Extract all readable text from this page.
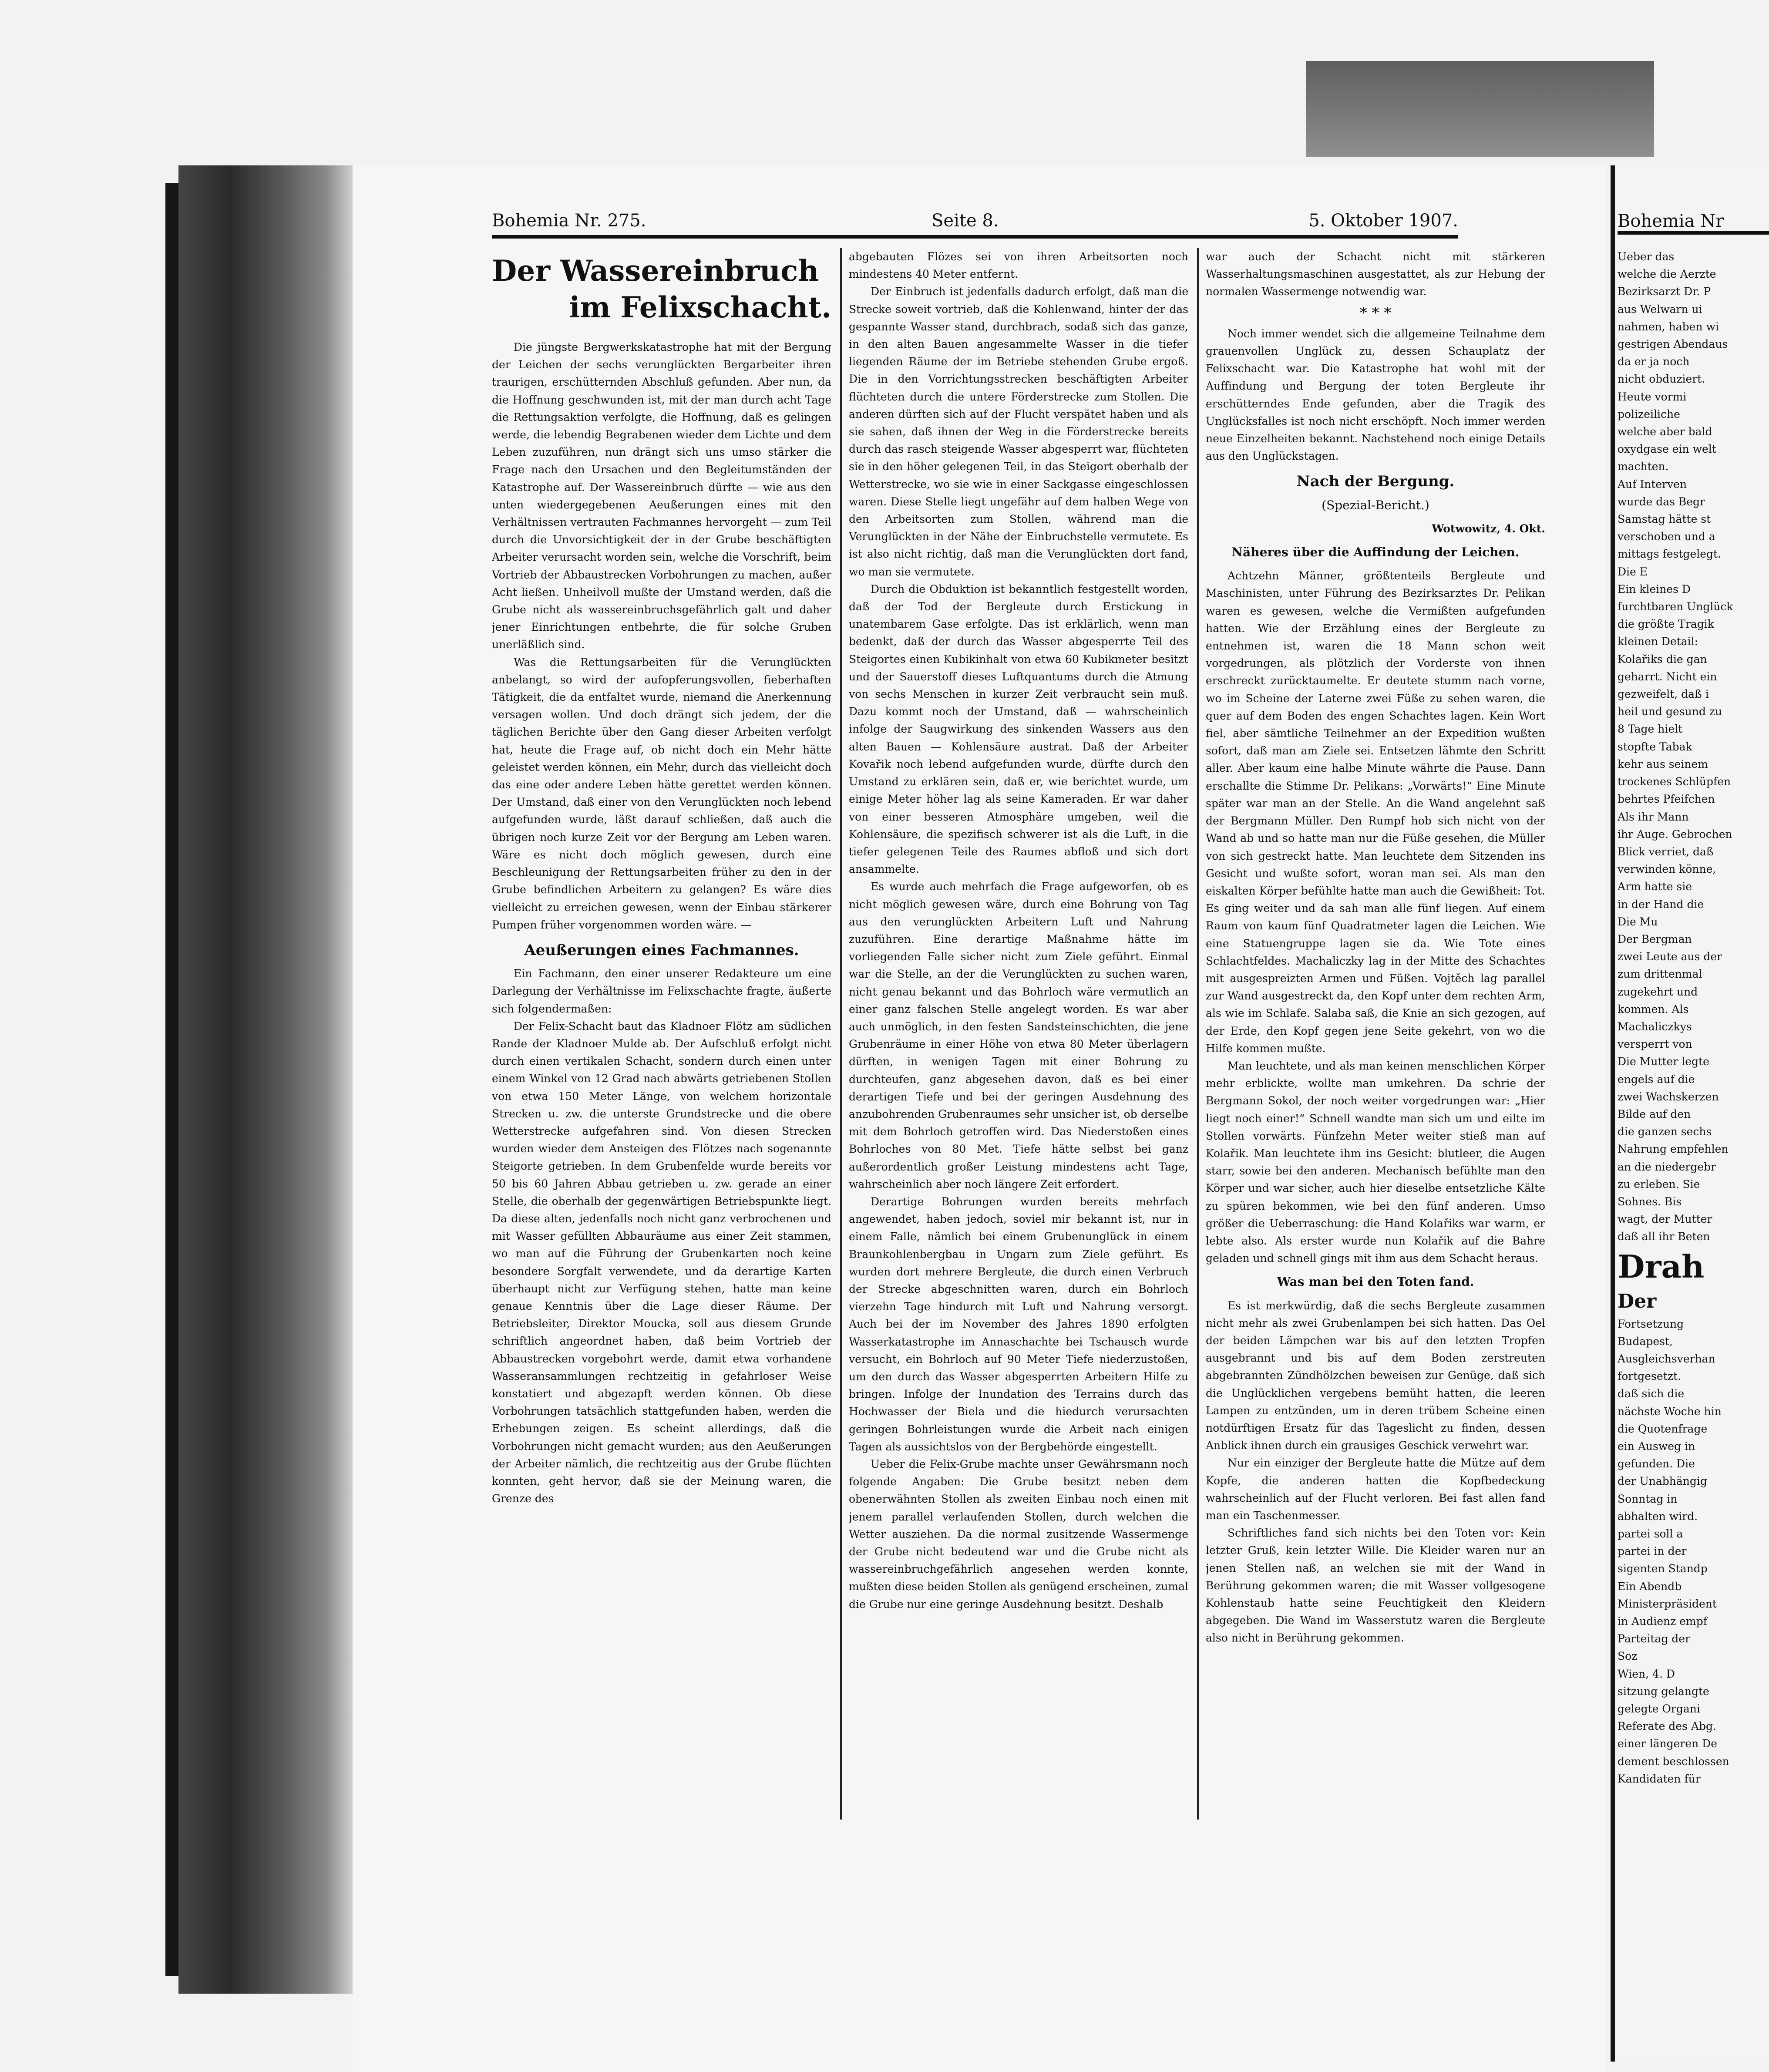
Bohemia Nr. 275.	Seite 8.	5. Oktober 1907.
Der Wassereinbruch
im Felixschacht.

Die jüngste Bergwerkskatastrophe hat mit der Bergung der Leichen der sechs verunglückten Bergarbeiter ihren traurigen, erschütternden Abschluß gefunden. Aber nun, da die Hoffnung geschwunden ist, mit der man durch acht Tage die Rettungsaktion verfolgte, die Hoffnung, daß es gelingen werde, die lebendig Begrabenen wieder dem Lichte und dem Leben zuzuführen, nun drängt sich uns umso stärker die Frage nach den Ursachen und den Begleitumständen der Katastrophe auf. Der Wassereinbruch dürfte — wie aus den unten wiedergegebenen Aeußerungen eines mit den Verhältnissen vertrauten Fachmannes hervorgeht — zum Teil durch die Unvorsichtigkeit der in der Grube beschäftigten Arbeiter verursacht worden sein, welche die Vorschrift, beim Vortrieb der Abbaustrecken Vorbohrungen zu machen, außer Acht ließen. Unheilvoll mußte der Umstand werden, daß die Grube nicht als wassereinbruchsgefährlich galt und daher jener Einrichtungen entbehrte, die für solche Gruben unerläßlich sind.

Was die Rettungsarbeiten für die Verunglückten anbelangt, so wird der aufopferungsvollen, fieberhaften Tätigkeit, die da entfaltet wurde, niemand die Anerkennung versagen wollen. Und doch drängt sich jedem, der die täglichen Berichte über den Gang dieser Arbeiten verfolgt hat, heute die Frage auf, ob nicht doch ein Mehr hätte geleistet werden können, ein Mehr, durch das vielleicht doch das eine oder andere Leben hätte gerettet werden können. Der Umstand, daß einer von den Verunglückten noch lebend aufgefunden wurde, läßt darauf schließen, daß auch die übrigen noch kurze Zeit vor der Bergung am Leben waren. Wäre es nicht doch möglich gewesen, durch eine Beschleunigung der Rettungsarbeiten früher zu den in der Grube befindlichen Arbeitern zu gelangen? Es wäre dies vielleicht zu erreichen gewesen, wenn der Einbau stärkerer Pumpen früher vorgenommen worden wäre. —

Aeußerungen eines Fachmannes.

Ein Fachmann, den einer unserer Redakteure um eine Darlegung der Verhältnisse im Felixschachte fragte, äußerte sich folgendermaßen:

Der Felix-Schacht baut das Kladnoer Flötz am südlichen Rande der Kladnoer Mulde ab. Der Aufschluß erfolgt nicht durch einen vertikalen Schacht, sondern durch einen unter einem Winkel von 12 Grad nach abwärts getriebenen Stollen von etwa 150 Meter Länge, von welchem horizontale Strecken u. zw. die unterste Grundstrecke und die obere Wetterstrecke aufgefahren sind. Von diesen Strecken wurden wieder dem Ansteigen des Flötzes nach sogenannte Steigorte getrieben. In dem Grubenfelde wurde bereits vor 50 bis 60 Jahren Abbau getrieben u. zw. gerade an einer Stelle, die oberhalb der gegenwärtigen Betriebspunkte liegt. Da diese alten, jedenfalls noch nicht ganz verbrochenen und mit Wasser gefüllten Abbauräume aus einer Zeit stammen, wo man auf die Führung der Grubenkarten noch keine besondere Sorgfalt verwendete, und da derartige Karten überhaupt nicht zur Verfügung stehen, hatte man keine genaue Kenntnis über die Lage dieser Räume. Der Betriebsleiter, Direktor Moucka, soll aus diesem Grunde schriftlich angeordnet haben, daß beim Vortrieb der Abbaustrecken vorgebohrt werde, damit etwa vorhandene Wasseransammlungen rechtzeitig in gefahrloser Weise konstatiert und abgezapft werden können. Ob diese Vorbohrungen tatsächlich stattgefunden haben, werden die Erhebungen zeigen. Es scheint allerdings, daß die Vorbohrungen nicht gemacht wurden; aus den Aeußerungen der Arbeiter nämlich, die rechtzeitig aus der Grube flüchten konnten, geht hervor, daß sie der Meinung waren, die Grenze des

abgebauten Flözes sei von ihren Arbeitsorten noch mindestens 40 Meter entfernt.

Der Einbruch ist jedenfalls dadurch erfolgt, daß man die Strecke soweit vortrieb, daß die Kohlenwand, hinter der das gespannte Wasser stand, durchbrach, sodaß sich das ganze, in den alten Bauen angesammelte Wasser in die tiefer liegenden Räume der im Betriebe stehenden Grube ergoß. Die in den Vorrichtungsstrecken beschäftigten Arbeiter flüchteten durch die untere Förderstrecke zum Stollen. Die anderen dürften sich auf der Flucht verspätet haben und als sie sahen, daß ihnen der Weg in die Förderstrecke bereits durch das rasch steigende Wasser abgesperrt war, flüchteten sie in den höher gelegenen Teil, in das Steigort oberhalb der Wetterstrecke, wo sie wie in einer Sackgasse eingeschlossen waren. Diese Stelle liegt ungefähr auf dem halben Wege von den Arbeitsorten zum Stollen, während man die Verunglückten in der Nähe der Einbruchstelle vermutete. Es ist also nicht richtig, daß man die Verunglückten dort fand, wo man sie vermutete.

Durch die Obduktion ist bekanntlich festgestellt worden, daß der Tod der Bergleute durch Erstickung in unatembarem Gase erfolgte. Das ist erklärlich, wenn man bedenkt, daß der durch das Wasser abgesperrte Teil des Steigortes einen Kubikinhalt von etwa 60 Kubikmeter besitzt und der Sauerstoff dieses Luftquantums durch die Atmung von sechs Menschen in kurzer Zeit verbraucht sein muß. Dazu kommt noch der Umstand, daß — wahrscheinlich infolge der Saugwirkung des sinkenden Wassers aus den alten Bauen — Kohlensäure austrat. Daß der Arbeiter Kovařik noch lebend aufgefunden wurde, dürfte durch den Umstand zu erklären sein, daß er, wie berichtet wurde, um einige Meter höher lag als seine Kameraden. Er war daher von einer besseren Atmosphäre umgeben, weil die Kohlensäure, die spezifisch schwerer ist als die Luft, in die tiefer gelegenen Teile des Raumes abfloß und sich dort ansammelte.

Es wurde auch mehrfach die Frage aufgeworfen, ob es nicht möglich gewesen wäre, durch eine Bohrung von Tag aus den verunglückten Arbeitern Luft und Nahrung zuzuführen. Eine derartige Maßnahme hätte im vorliegenden Falle sicher nicht zum Ziele geführt. Einmal war die Stelle, an der die Verunglückten zu suchen waren, nicht genau bekannt und das Bohrloch wäre vermutlich an einer ganz falschen Stelle angelegt worden. Es war aber auch unmöglich, in den festen Sandsteinschichten, die jene Grubenräume in einer Höhe von etwa 80 Meter überlagern dürften, in wenigen Tagen mit einer Bohrung zu durchteufen, ganz abgesehen davon, daß es bei einer derartigen Tiefe und bei der geringen Ausdehnung des anzubohrenden Grubenraumes sehr unsicher ist, ob derselbe mit dem Bohrloch getroffen wird. Das Niederstoßen eines Bohrloches von 80 Met. Tiefe hätte selbst bei ganz außerordentlich großer Leistung mindestens acht Tage, wahrscheinlich aber noch längere Zeit erfordert.

Derartige Bohrungen wurden bereits mehrfach angewendet, haben jedoch, soviel mir bekannt ist, nur in einem Falle, nämlich bei einem Grubenunglück in einem Braunkohlenbergbau in Ungarn zum Ziele geführt. Es wurden dort mehrere Bergleute, die durch einen Verbruch der Strecke abgeschnitten waren, durch ein Bohrloch vierzehn Tage hindurch mit Luft und Nahrung versorgt. Auch bei der im November des Jahres 1890 erfolgten Wasserkatastrophe im Annaschachte bei Tschausch wurde versucht, ein Bohrloch auf 90 Meter Tiefe niederzustoßen, um den durch das Wasser abgesperrten Arbeitern Hilfe zu bringen. Infolge der Inundation des Terrains durch das Hochwasser der Biela und die hiedurch verursachten geringen Bohrleistungen wurde die Arbeit nach einigen Tagen als aussichtslos von der Bergbehörde eingestellt.

Ueber die Felix-Grube machte unser Gewährsmann noch folgende Angaben: Die Grube besitzt neben dem obenerwähnten Stollen als zweiten Einbau noch einen mit jenem parallel verlaufenden Stollen, durch welchen die Wetter ausziehen. Da die normal zusitzende Wassermenge der Grube nicht bedeutend war und die Grube nicht als wassereinbruchgefährlich angesehen werden konnte, mußten diese beiden Stollen als genügend erscheinen, zumal die Grube nur eine geringe Ausdehnung besitzt. Deshalb

war auch der Schacht nicht mit stärkeren Wasserhaltungsmaschinen ausgestattet, als zur Hebung der normalen Wassermenge notwendig war.

* * *

Noch immer wendet sich die allgemeine Teilnahme dem grauenvollen Unglück zu, dessen Schauplatz der Felixschacht war. Die Katastrophe hat wohl mit der Auffindung und Bergung der toten Bergleute ihr erschütterndes Ende gefunden, aber die Tragik des Unglücksfalles ist noch nicht erschöpft. Noch immer werden neue Einzelheiten bekannt. Nachstehend noch einige Details aus den Unglückstagen.

Nach der Bergung.
(Spezial-Bericht.)
Wotwowitz, 4. Okt.
Näheres über die Auffindung der Leichen.

Achtzehn Männer, größtenteils Bergleute und Maschinisten, unter Führung des Bezirksarztes Dr. Pelikan waren es gewesen, welche die Vermißten aufgefunden hatten. Wie der Erzählung eines der Bergleute zu entnehmen ist, waren die 18 Mann schon weit vorgedrungen, als plötzlich der Vorderste von ihnen erschreckt zurücktaumelte. Er deutete stumm nach vorne, wo im Scheine der Laterne zwei Füße zu sehen waren, die quer auf dem Boden des engen Schachtes lagen. Kein Wort fiel, aber sämtliche Teilnehmer an der Expedition wußten sofort, daß man am Ziele sei. Entsetzen lähmte den Schritt aller. Aber kaum eine halbe Minute währte die Pause. Dann erschallte die Stimme Dr. Pelikans: „Vorwärts!“ Eine Minute später war man an der Stelle. An die Wand angelehnt saß der Bergmann Müller. Den Rumpf hob sich nicht von der Wand ab und so hatte man nur die Füße gesehen, die Müller von sich gestreckt hatte. Man leuchtete dem Sitzenden ins Gesicht und wußte sofort, woran man sei. Als man den eiskalten Körper befühlte hatte man auch die Gewißheit: Tot. Es ging weiter und da sah man alle fünf liegen. Auf einem Raum von kaum fünf Quadratmeter lagen die Leichen. Wie eine Statuengruppe lagen sie da. Wie Tote eines Schlachtfeldes. Machaliczky lag in der Mitte des Schachtes mit ausgespreizten Armen und Füßen. Vojtěch lag parallel zur Wand ausgestreckt da, den Kopf unter dem rechten Arm, als wie im Schlafe. Salaba saß, die Knie an sich gezogen, auf der Erde, den Kopf gegen jene Seite gekehrt, von wo die Hilfe kommen mußte.

Man leuchtete, und als man keinen menschlichen Körper mehr erblickte, wollte man umkehren. Da schrie der Bergmann Sokol, der noch weiter vorgedrungen war: „Hier liegt noch einer!“ Schnell wandte man sich um und eilte im Stollen vorwärts. Fünfzehn Meter weiter stieß man auf Kolařik. Man leuchtete ihm ins Gesicht: blutleer, die Augen starr, sowie bei den anderen. Mechanisch befühlte man den Körper und war sicher, auch hier dieselbe entsetzliche Kälte zu spüren bekommen, wie bei den fünf anderen. Umso größer die Ueberraschung: die Hand Kolařiks war warm, er lebte also. Als erster wurde nun Kolařik auf die Bahre geladen und schnell gings mit ihm aus dem Schacht heraus.

Was man bei den Toten fand.

Es ist merkwürdig, daß die sechs Bergleute zusammen nicht mehr als zwei Grubenlampen bei sich hatten. Das Oel der beiden Lämpchen war bis auf den letzten Tropfen ausgebrannt und bis auf dem Boden zerstreuten abgebrannten Zündhölzchen beweisen zur Genüge, daß sich die Unglücklichen vergebens bemüht hatten, die leeren Lampen zu entzünden, um in deren trübem Scheine einen notdürftigen Ersatz für das Tageslicht zu finden, dessen Anblick ihnen durch ein grausiges Geschick verwehrt war.

Nur ein einziger der Bergleute hatte die Mütze auf dem Kopfe, die anderen hatten die Kopfbedeckung wahrscheinlich auf der Flucht verloren. Bei fast allen fand man ein Taschenmesser.

Schriftliches fand sich nichts bei den Toten vor: Kein letzter Gruß, kein letzter Wille. Die Kleider waren nur an jenen Stellen naß, an welchen sie mit der Wand in Berührung gekommen waren; die mit Wasser vollgesogene Kohlenstaub hatte seine Feuchtigkeit den Kleidern abgegeben. Die Wand im Wasserstutz waren die Bergleute also nicht in Berührung gekommen.

Bohemia Nr
Ueber das
welche die Aerzte
Bezirksarzt Dr. P
aus Welwarn ui
nahmen, haben wi
gestrigen Abendaus
da er ja noch
nicht obduziert.
Heute vormi
polizeiliche
welche aber bald
oxydgase ein welt
machten.
Auf Interven
wurde das Begr
Samstag hätte st
verschoben und a
mittags festgelegt.
Die E
Ein kleines D
furchtbaren Unglück
die größte Tragik
kleinen Detail:
Kolařiks die gan
geharrt. Nicht ein
gezweifelt, daß i
heil und gesund zu
8 Tage hielt
stopfte Tabak
kehr aus seinem
trockenes Schlüpfen
behrtes Pfeifchen
Als ihr Mann
ihr Auge. Gebrochen
Blick verriet, daß
verwinden könne,
Arm hatte sie
in der Hand die
Die Mu
Der Bergman
zwei Leute aus der
zum drittenmal
zugekehrt und
kommen. Als
Machaliczkys
versperrt von
Die Mutter legte
engels auf die
zwei Wachskerzen
Bilde auf den
die ganzen sechs
Nahrung empfehlen
an die niedergebr
zu erleben. Sie
Sohnes. Bis
wagt, der Mutter
daß all ihr Beten
Drah
Der
Fortsetzung
Budapest,
Ausgleichsverhan
fortgesetzt.
daß sich die
nächste Woche hin
die Quotenfrage
ein Ausweg in
gefunden. Die
der Unabhängig
Sonntag in
abhalten wird.
partei soll a
partei in der
sigenten Standp
Ein Abendb
Ministerpräsident
in Audienz empf
Parteitag der
Soz
Wien, 4. D
sitzung gelangte
gelegte Organi
Referate des Abg.
einer längeren De
dement beschlossen
Kandidaten für
